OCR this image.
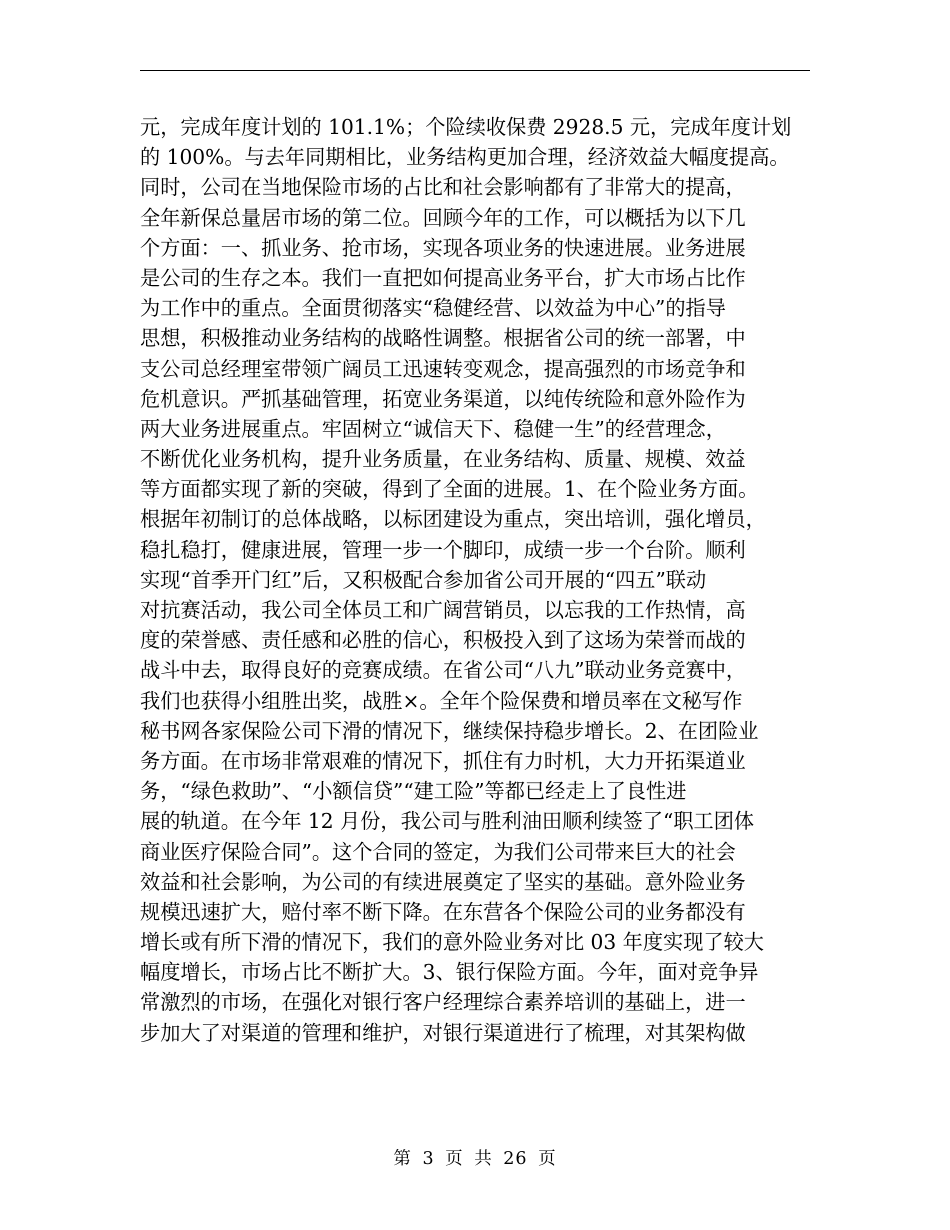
元，完成年度计划的 101.1%；个险续收保费 2928.5 元，完成年度计划
的 100%。与去年同期相比，业务结构更加合理，经济效益大幅度提高。
同时，公司在当地保险市场的占比和社会影响都有了非常大的提高，
全年新保总量居市场的第二位。回顾今年的工作，可以概括为以下几
个方面：一、抓业务、抢市场，实现各项业务的快速进展。业务进展
是公司的生存之本。我们一直把如何提高业务平台，扩大市场占比作
为工作中的重点。全面贯彻落实“稳健经营、以效益为中心”的指导
思想，积极推动业务结构的战略性调整。根据省公司的统一部署，中
支公司总经理室带领广阔员工迅速转变观念，提高强烈的市场竞争和
危机意识。严抓基础管理，拓宽业务渠道，以纯传统险和意外险作为
两大业务进展重点。牢固树立“诚信天下、稳健一生”的经营理念，
不断优化业务机构，提升业务质量，在业务结构、质量、规模、效益
等方面都实现了新的突破，得到了全面的进展。1、在个险业务方面。
根据年初制订的总体战略，以标团建设为重点，突出培训，强化增员，
稳扎稳打，健康进展，管理一步一个脚印，成绩一步一个台阶。顺利
实现“首季开门红”后，又积极配合参加省公司开展的“四五”联动
对抗赛活动，我公司全体员工和广阔营销员，以忘我的工作热情，高
度的荣誉感、责任感和必胜的信心，积极投入到了这场为荣誉而战的
战斗中去，取得良好的竞赛成绩。在省公司“八九”联动业务竞赛中，
我们也获得小组胜出奖，战胜×。全年个险保费和增员率在文秘写作
秘书网各家保险公司下滑的情况下，继续保持稳步增长。2、在团险业
务方面。在市场非常艰难的情况下，抓住有力时机，大力开拓渠道业
务，“绿色救助”、“小额信贷”“建工险”等都已经走上了良性进
展的轨道。在今年 12 月份，我公司与胜利油田顺利续签了“职工团体
商业医疗保险合同”。这个合同的签定，为我们公司带来巨大的社会
效益和社会影响，为公司的有续进展奠定了坚实的基础。意外险业务
规模迅速扩大，赔付率不断下降。在东营各个保险公司的业务都没有
增长或有所下滑的情况下，我们的意外险业务对比 03 年度实现了较大
幅度增长，市场占比不断扩大。3、银行保险方面。今年，面对竞争异
常激烈的市场，在强化对银行客户经理综合素养培训的基础上，进一
步加大了对渠道的管理和维护，对银行渠道进行了梳理，对其架构做
第 3 页 共 26 页
